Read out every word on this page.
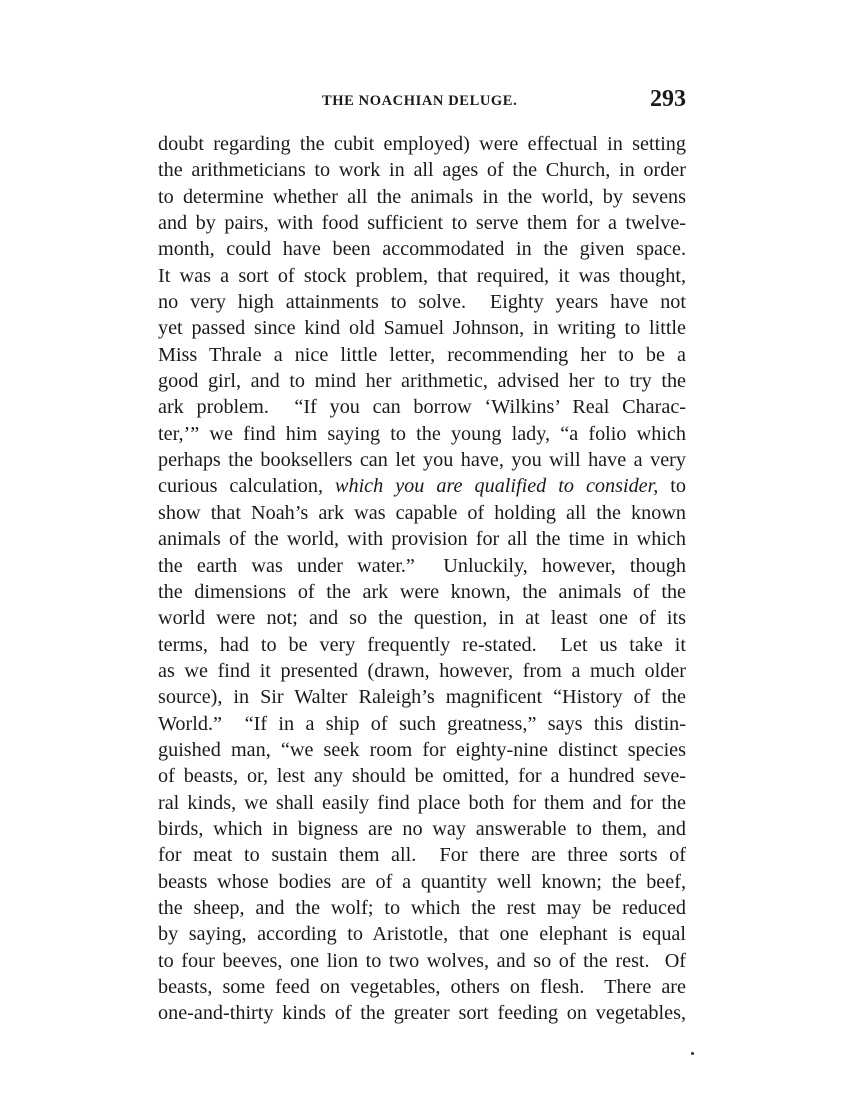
THE NOACHIAN DELUGE.	293
doubt regarding the cubit employed) were effectual in setting
the arithmeticians to work in all ages of the Church, in order
to determine whether all the animals in the world, by sevens
and by pairs, with food sufficient to serve them for a twelve-
month, could have been accommodated in the given space.
It was a sort of stock problem, that required, it was thought,
no very high attainments to solve.  Eighty years have not
yet passed since kind old Samuel Johnson, in writing to little
Miss Thrale a nice little letter, recommending her to be a
good girl, and to mind her arithmetic, advised her to try the
ark problem.  “If you can borrow ‘Wilkins’ Real Charac-
ter,’” we find him saying to the young lady, “a folio which
perhaps the booksellers can let you have, you will have a very
curious calculation, which you are qualified to consider, to
show that Noah’s ark was capable of holding all the known
animals of the world, with provision for all the time in which
the earth was under water.”  Unluckily, however, though
the dimensions of the ark were known, the animals of the
world were not; and so the question, in at least one of its
terms, had to be very frequently re-stated.  Let us take it
as we find it presented (drawn, however, from a much older
source), in Sir Walter Raleigh’s magnificent “History of the
World.”  “If in a ship of such greatness,” says this distin-
guished man, “we seek room for eighty-nine distinct species
of beasts, or, lest any should be omitted, for a hundred seve-
ral kinds, we shall easily find place both for them and for the
birds, which in bigness are no way answerable to them, and
for meat to sustain them all.  For there are three sorts of
beasts whose bodies are of a quantity well known; the beef,
the sheep, and the wolf; to which the rest may be reduced
by saying, according to Aristotle, that one elephant is equal
to four beeves, one lion to two wolves, and so of the rest.  Of
beasts, some feed on vegetables, others on flesh.  There are
one-and-thirty kinds of the greater sort feeding on vegetables,
